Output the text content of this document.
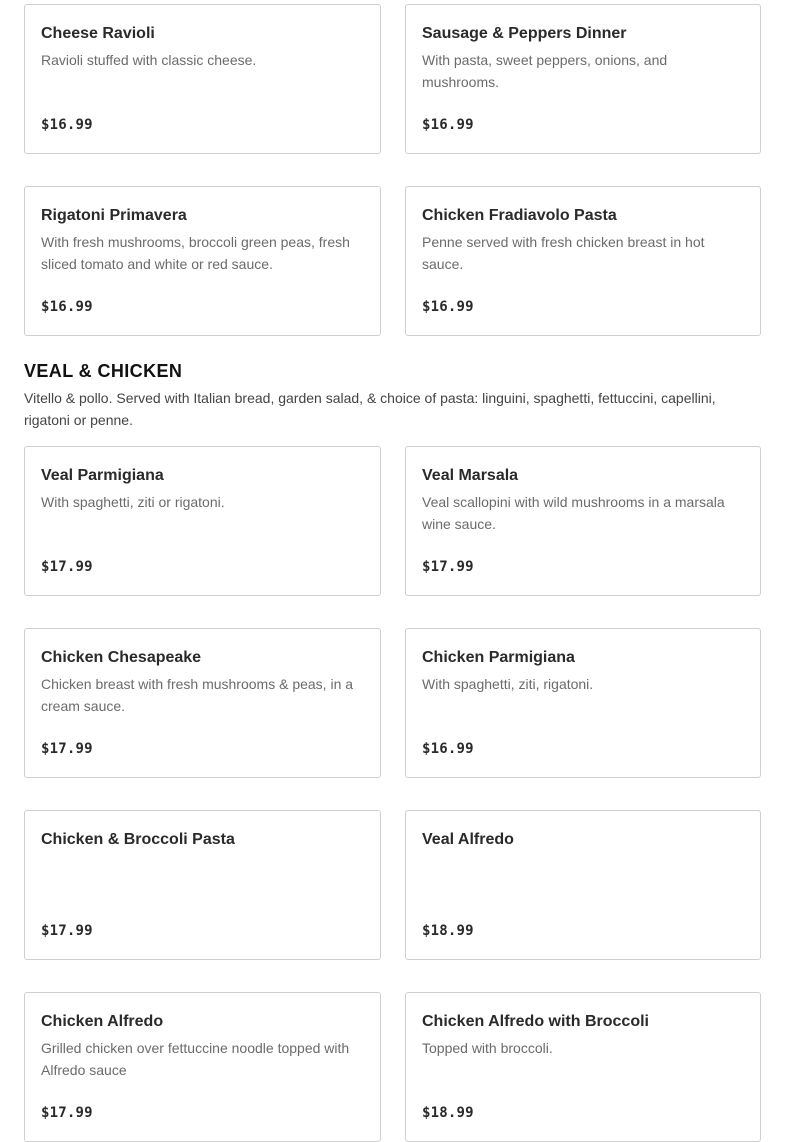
Cheese Ravioli
Ravioli stuffed with classic cheese.
$16.99
Sausage & Peppers Dinner
With pasta, sweet peppers, onions, and mushrooms.
$16.99
Rigatoni Primavera
With fresh mushrooms, broccoli green peas, fresh sliced tomato and white or red sauce.
$16.99
Chicken Fradiavolo Pasta
Penne served with fresh chicken breast in hot sauce.
$16.99
VEAL & CHICKEN
Vitello & pollo. Served with Italian bread, garden salad, & choice of pasta: linguini, spaghetti, fettuccini, capellini, rigatoni or penne.
Veal Parmigiana
With spaghetti, ziti or rigatoni.
$17.99
Veal Marsala
Veal scallopini with wild mushrooms in a marsala wine sauce.
$17.99
Chicken Chesapeake
Chicken breast with fresh mushrooms & peas, in a cream sauce.
$17.99
Chicken Parmigiana
With spaghetti, ziti, rigatoni.
$16.99
Chicken & Broccoli Pasta
$17.99
Veal Alfredo
$18.99
Chicken Alfredo
Grilled chicken over fettuccine noodle topped with Alfredo sauce
$17.99
Chicken Alfredo with Broccoli
Topped with broccoli.
$18.99
